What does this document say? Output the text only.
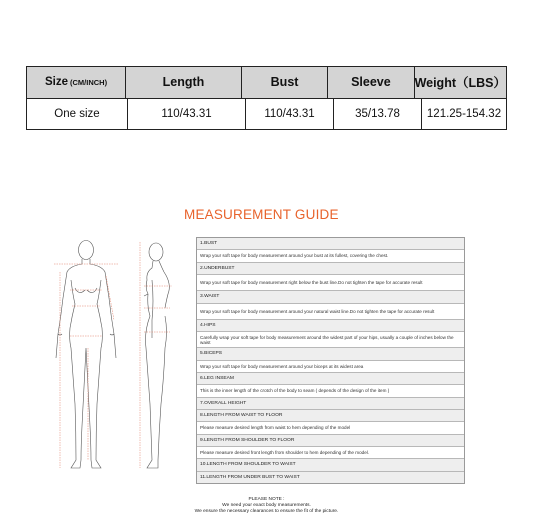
Size (CM/INCH)	Length	Bust	Sleeve	Weight（LBS）
One size	110/43.31	110/43.31	35/13.78	121.25-154.32
MEASUREMENT GUIDE
1.BUST
Wrap your soft tape for body measurement around your bust at its fullest, covering the chest.
2.UNDERBUST
Wrap your soft tape for body measurement right below the bust line.Do not tighten the tape for accurate result
3.WAIST
Wrap your soft tape for body measurement around your natural waist line.Do not tighten the tape for accurate result
4.HIPS
Carefully wrap your soft tape for body measurement around the widest part of your hips, usually a couple of inches below the waist
5.BICEPS
Wrap your soft tape for body measurement around your biceps at its widest area
6.LEG INSEAM
This is the inner length of the crotch of the body to seam ( depends of the design of the item )
7.OVERALL HEIGHT
8.LENGTH FROM WAIST TO FLOOR
Please measure desired length from waist to hem depending of the model
9.LENGTH FROM SHOULDER TO FLOOR
Please measure desired front length from shoulder to hem depending of the model.
10.LENGTH FROM SHOULDER TO WAIST
11.LENGTH FROM UNDER BUST TO WAIST
PLEASE NOTE :
We need your exact body measurements.
We ensure the necessary clearances to ensure the fit of the picture.
